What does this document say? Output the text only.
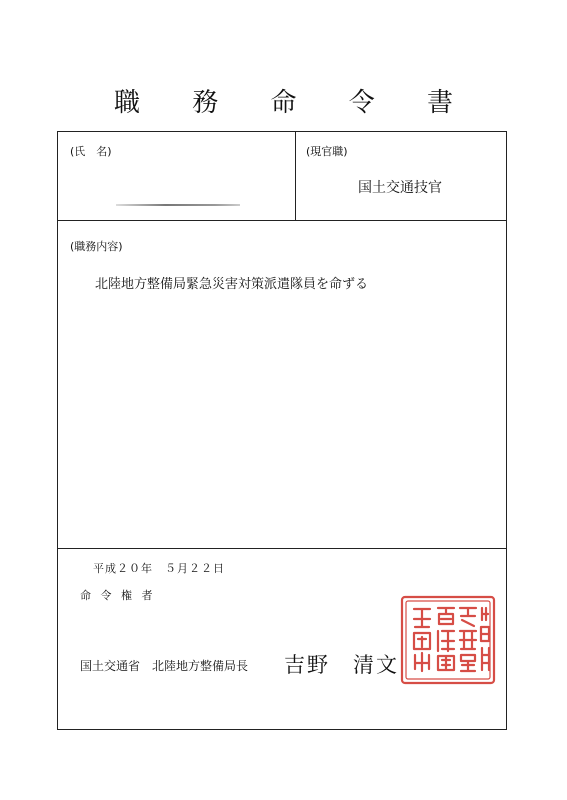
職 務 命 令 書
(氏　名)	(現官職)
国土交通技官
(職務内容)
北陸地方整備局緊急災害対策派遣隊員を命ずる
平成２０年　５月２２日
命 令 権 者
国土交通省　北陸地方整備局長 吉野　清文
